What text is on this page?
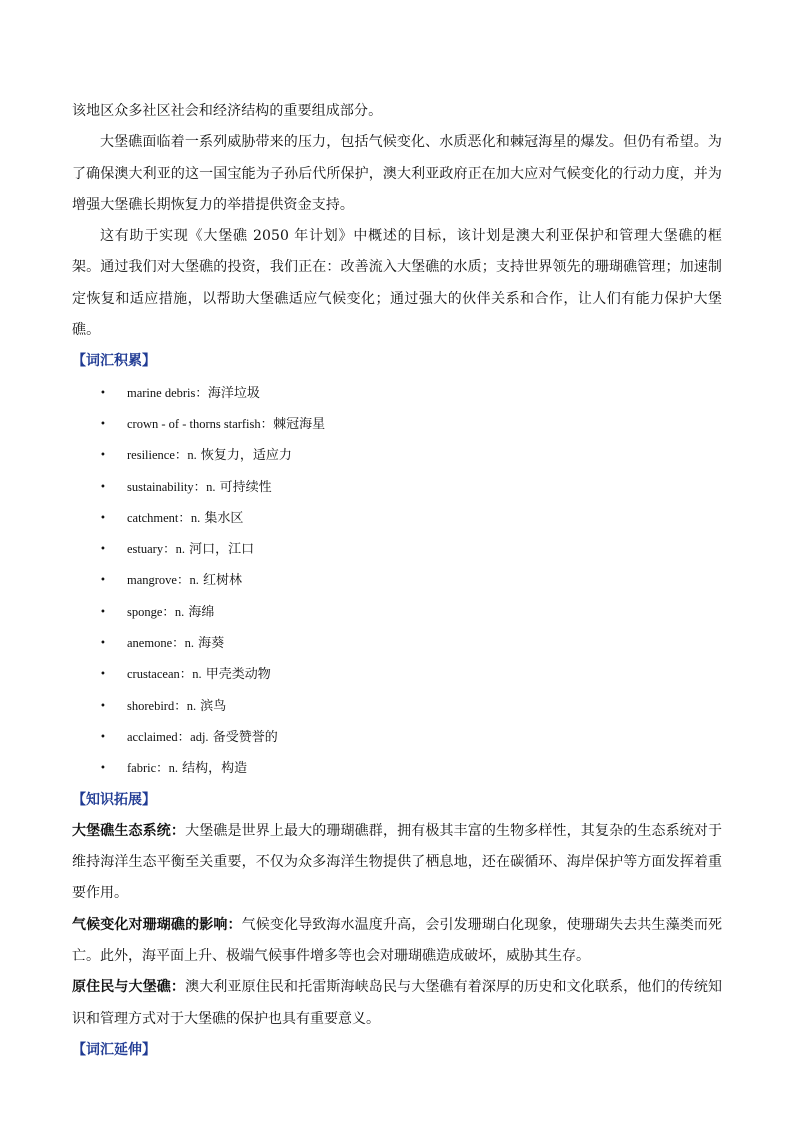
该地区众多社区社会和经济结构的重要组成部分。

大堡礁面临着一系列威胁带来的压力，包括气候变化、水质恶化和棘冠海星的爆发。但仍有希望。为了确保澳大利亚的这一国宝能为子孙后代所保护，澳大利亚政府正在加大应对气候变化的行动力度，并为增强大堡礁长期恢复力的举措提供资金支持。

这有助于实现《大堡礁 2050 年计划》中概述的目标，该计划是澳大利亚保护和管理大堡礁的框架。通过我们对大堡礁的投资，我们正在：改善流入大堡礁的水质；支持世界领先的珊瑚礁管理；加速制定恢复和适应措施，以帮助大堡礁适应气候变化；通过强大的伙伴关系和合作，让人们有能力保护大堡礁。

【词汇积累】

• marine debris：海洋垃圾
• crown - of - thorns starfish：棘冠海星
• resilience：n. 恢复力，适应力
• sustainability：n. 可持续性
• catchment：n. 集水区
• estuary：n. 河口，江口
• mangrove：n. 红树林
• sponge：n. 海绵
• anemone：n. 海葵
• crustacean：n. 甲壳类动物
• shorebird：n. 滨鸟
• acclaimed：adj. 备受赞誉的
• fabric：n. 结构，构造

【知识拓展】

大堡礁生态系统：大堡礁是世界上最大的珊瑚礁群，拥有极其丰富的生物多样性，其复杂的生态系统对于维持海洋生态平衡至关重要，不仅为众多海洋生物提供了栖息地，还在碳循环、海岸保护等方面发挥着重要作用。

气候变化对珊瑚礁的影响：气候变化导致海水温度升高，会引发珊瑚白化现象，使珊瑚失去共生藻类而死亡。此外，海平面上升、极端气候事件增多等也会对珊瑚礁造成破坏，威胁其生存。

原住民与大堡礁：澳大利亚原住民和托雷斯海峡岛民与大堡礁有着深厚的历史和文化联系，他们的传统知识和管理方式对于大堡礁的保护也具有重要意义。

【词汇延伸】
